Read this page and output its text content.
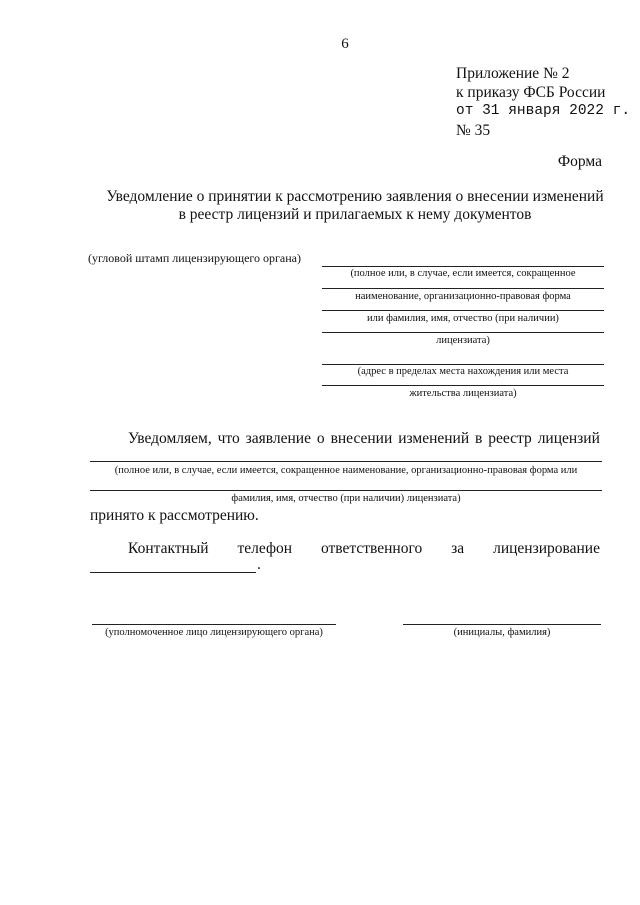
6
Приложение № 2
к приказу ФСБ России
от 31 января 2022 г.
№ 35
Форма
Уведомление о принятии к рассмотрению заявления о внесении изменений
в реестр лицензий и прилагаемых к нему документов
(угловой штамп лицензирующего органа)
(полное или, в случае, если имеется, сокращенное
наименование, организационно-правовая форма
или фамилия, имя, отчество (при наличии)
лицензиата)
(адрес в пределах места нахождения или места
жительства лицензиата)
Уведомляем, что заявление о внесении изменений в реестр лицензий
(полное или, в случае, если имеется, сокращенное наименование, организационно-правовая форма или
фамилия, имя, отчество (при наличии) лицензиата)
принято к рассмотрению.
Контактный телефон ответственного за лицензирование
.
(уполномоченное лицо лицензирующего органа)	(инициалы, фамилия)
